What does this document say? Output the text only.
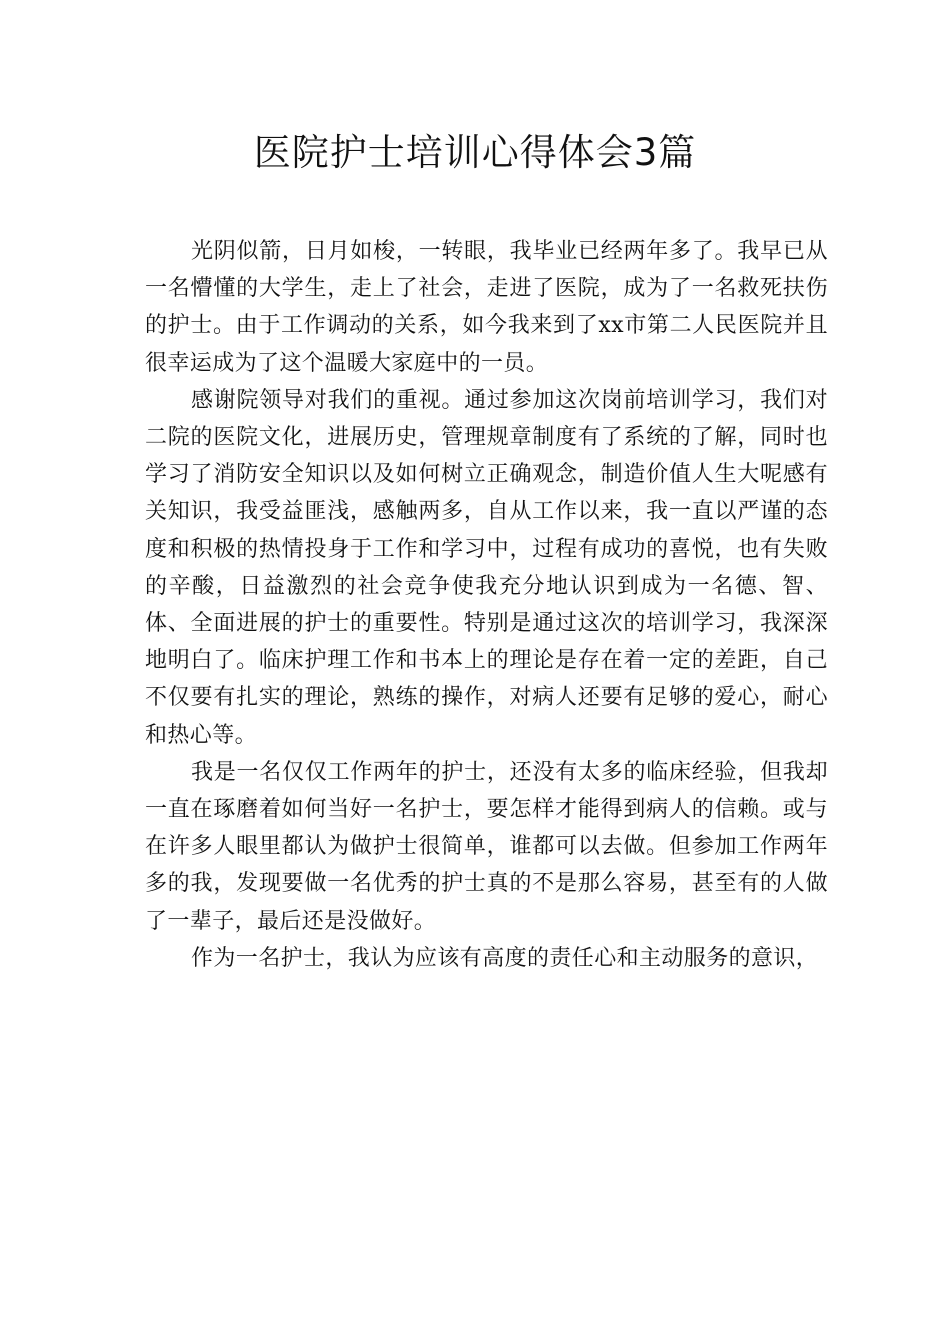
医院护士培训心得体会3篇

光阴似箭，日月如梭，一转眼，我毕业已经两年多了。我早已从一名懵懂的大学生，走上了社会，走进了医院，成为了一名救死扶伤的护士。由于工作调动的关系，如今我来到了xx市第二人民医院并且很幸运成为了这个温暖大家庭中的一员。

感谢院领导对我们的重视。通过参加这次岗前培训学习，我们对二院的医院文化，进展历史，管理规章制度有了系统的了解，同时也学习了消防安全知识以及如何树立正确观念，制造价值人生大呢感有关知识，我受益匪浅，感触两多，自从工作以来，我一直以严谨的态度和积极的热情投身于工作和学习中，过程有成功的喜悦，也有失败的辛酸，日益激烈的社会竞争使我充分地认识到成为一名德、智、体、全面进展的护士的重要性。特别是通过这次的培训学习，我深深地明白了。临床护理工作和书本上的理论是存在着一定的差距，自己不仅要有扎实的理论，熟练的操作，对病人还要有足够的爱心，耐心和热心等。

我是一名仅仅工作两年的护士，还没有太多的临床经验，但我却一直在琢磨着如何当好一名护士，要怎样才能得到病人的信赖。或与在许多人眼里都认为做护士很简单，谁都可以去做。但参加工作两年多的我，发现要做一名优秀的护士真的不是那么容易，甚至有的人做了一辈子，最后还是没做好。

作为一名护士，我认为应该有高度的责任心和主动服务的意识，
